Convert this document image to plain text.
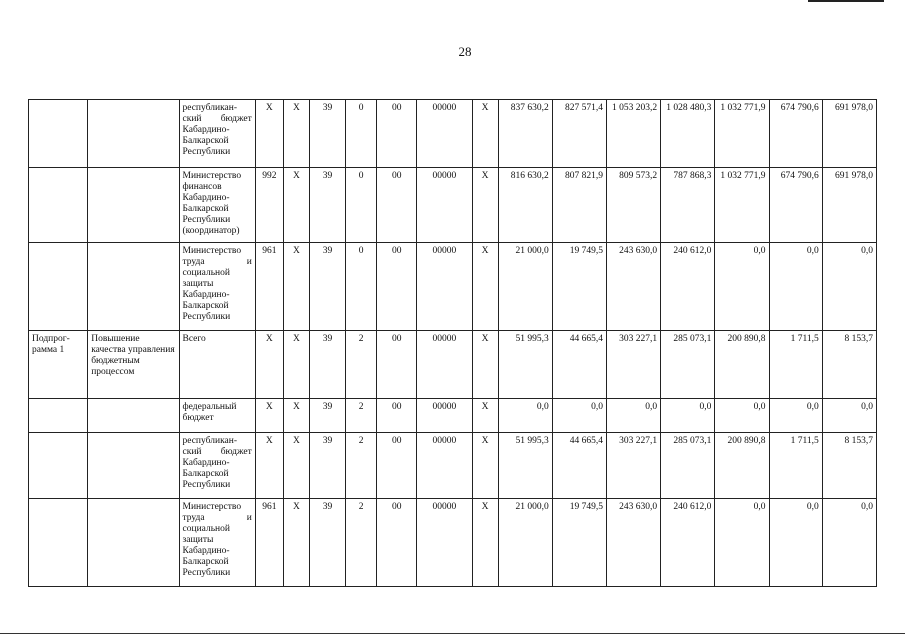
28
		республикан-ский бюджет Кабардино-Балкарской Республики	X	X	39	0	00	00000	X	837 630,2	827 571,4	1 053 203,2	1 028 480,3	1 032 771,9	674 790,6	691 978,0
		Министерство финансов Кабардино-Балкарской Республики (координатор)	992	X	39	0	00	00000	X	816 630,2	807 821,9	809 573,2	787 868,3	1 032 771,9	674 790,6	691 978,0
		Министерство труда и социальной защиты Кабардино-Балкарской Республики	961	X	39	0	00	00000	X	21 000,0	19 749,5	243 630,0	240 612,0	0,0	0,0	0,0
Подпрог-рамма 1	Повышение качества управления бюджетным процессом	Всего	X	X	39	2	00	00000	X	51 995,3	44 665,4	303 227,1	285 073,1	200 890,8	1 711,5	8 153,7
		федеральный бюджет	X	X	39	2	00	00000	X	0,0	0,0	0,0	0,0	0,0	0,0	0,0
		республикан-ский бюджет Кабардино-Балкарской Республики	X	X	39	2	00	00000	X	51 995,3	44 665,4	303 227,1	285 073,1	200 890,8	1 711,5	8 153,7
		Министерство труда и социальной защиты Кабардино-Балкарской Республики	961	X	39	2	00	00000	X	21 000,0	19 749,5	243 630,0	240 612,0	0,0	0,0	0,0
